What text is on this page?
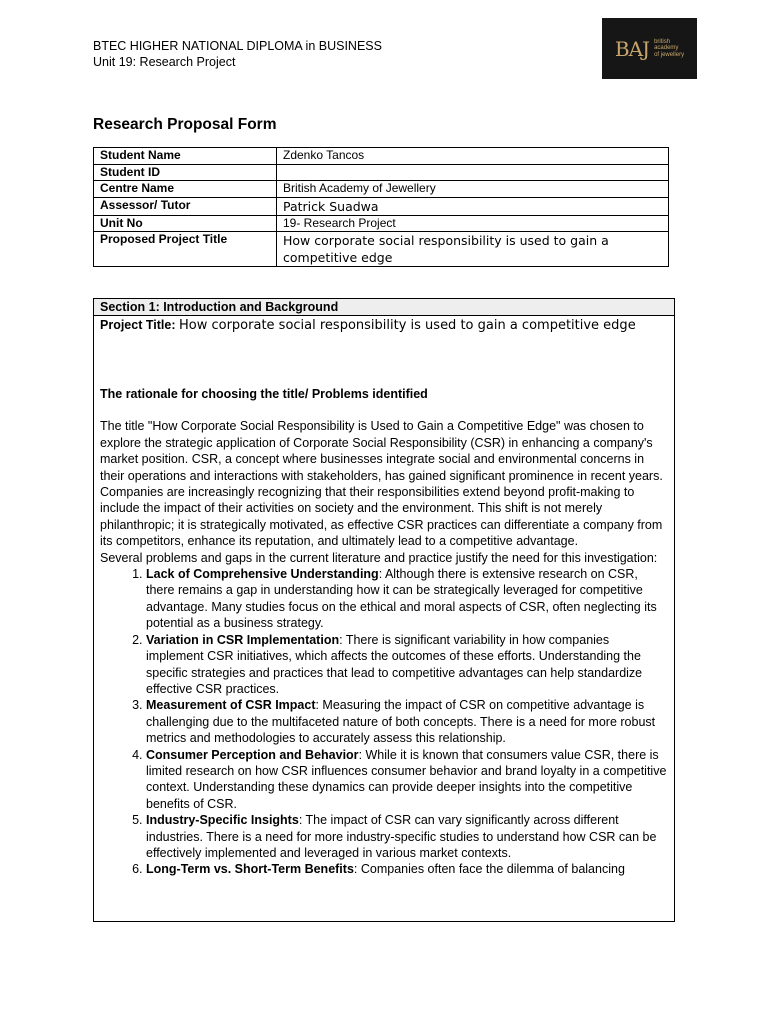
BTEC HIGHER NATIONAL DIPLOMA in BUSINESS
Unit 19: Research Project
BAJ british
academy
of jewellery
Research Proposal Form
Student Name	Zdenko Tancos
Student ID	
Centre Name	British Academy of Jewellery
Assessor/ Tutor	Patrick Suadwa
Unit No	19- Research Project
Proposed Project Title	How corporate social responsibility is used to gain a competitive edge
Section 1: Introduction and Background
Project Title: How corporate social responsibility is used to gain a competitive edge

The rationale for choosing the title/ Problems identified

The title "How Corporate Social Responsibility is Used to Gain a Competitive Edge" was chosen to explore the strategic application of Corporate Social Responsibility (CSR) in enhancing a company's market position. CSR, a concept where businesses integrate social and environmental concerns in their operations and interactions with stakeholders, has gained significant prominence in recent years. Companies are increasingly recognizing that their responsibilities extend beyond profit-making to include the impact of their activities on society and the environment. This shift is not merely philanthropic; it is strategically motivated, as effective CSR practices can differentiate a company from its competitors, enhance its reputation, and ultimately lead to a competitive advantage.

Several problems and gaps in the current literature and practice justify the need for this investigation:

1. Lack of Comprehensive Understanding: Although there is extensive research on CSR, there remains a gap in understanding how it can be strategically leveraged for competitive advantage. Many studies focus on the ethical and moral aspects of CSR, often neglecting its potential as a business strategy.
2. Variation in CSR Implementation: There is significant variability in how companies implement CSR initiatives, which affects the outcomes of these efforts. Understanding the specific strategies and practices that lead to competitive advantages can help standardize effective CSR practices.
3. Measurement of CSR Impact: Measuring the impact of CSR on competitive advantage is challenging due to the multifaceted nature of both concepts. There is a need for more robust metrics and methodologies to accurately assess this relationship.
4. Consumer Perception and Behavior: While it is known that consumers value CSR, there is limited research on how CSR influences consumer behavior and brand loyalty in a competitive context. Understanding these dynamics can provide deeper insights into the competitive benefits of CSR.
5. Industry-Specific Insights: The impact of CSR can vary significantly across different industries. There is a need for more industry-specific studies to understand how CSR can be effectively implemented and leveraged in various market contexts.
6. Long-Term vs. Short-Term Benefits: Companies often face the dilemma of balancing
